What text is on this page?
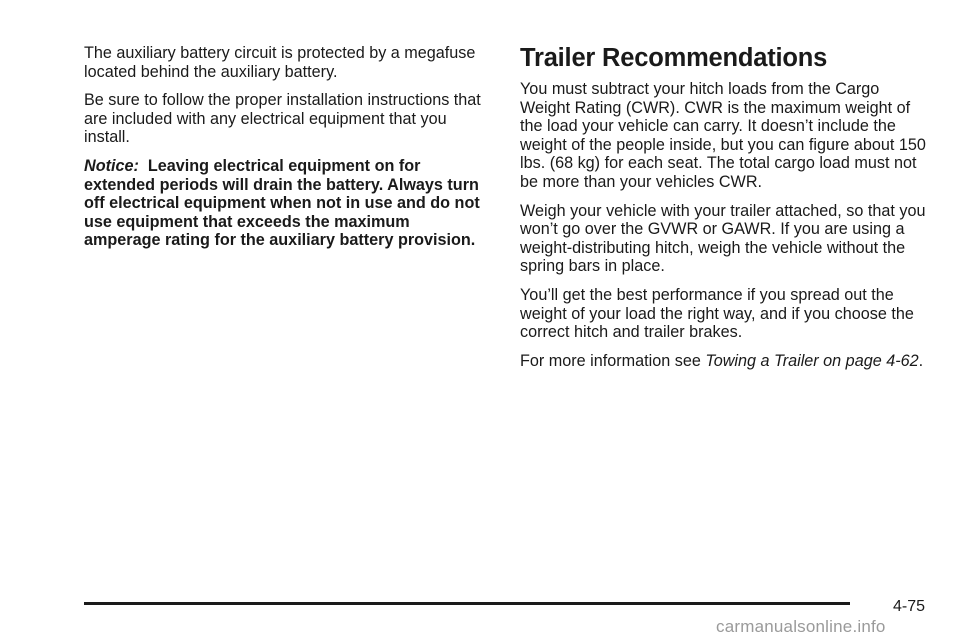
The auxiliary battery circuit is protected by a megafuse located behind the auxiliary battery.

Be sure to follow the proper installation instructions that are included with any electrical equipment that you install.

Notice: Leaving electrical equipment on for extended periods will drain the battery. Always turn off electrical equipment when not in use and do not use equipment that exceeds the maximum amperage rating for the auxiliary battery provision.

Trailer Recommendations

You must subtract your hitch loads from the Cargo Weight Rating (CWR). CWR is the maximum weight of the load your vehicle can carry. It doesn’t include the weight of the people inside, but you can figure about 150 lbs. (68 kg) for each seat. The total cargo load must not be more than your vehicles CWR.

Weigh your vehicle with your trailer attached, so that you won’t go over the GVWR or GAWR. If you are using a weight-distributing hitch, weigh the vehicle without the spring bars in place.

You’ll get the best performance if you spread out the weight of your load the right way, and if you choose the correct hitch and trailer brakes.

For more information see Towing a Trailer on page 4-62.

4-75
carmanualsonline.info
